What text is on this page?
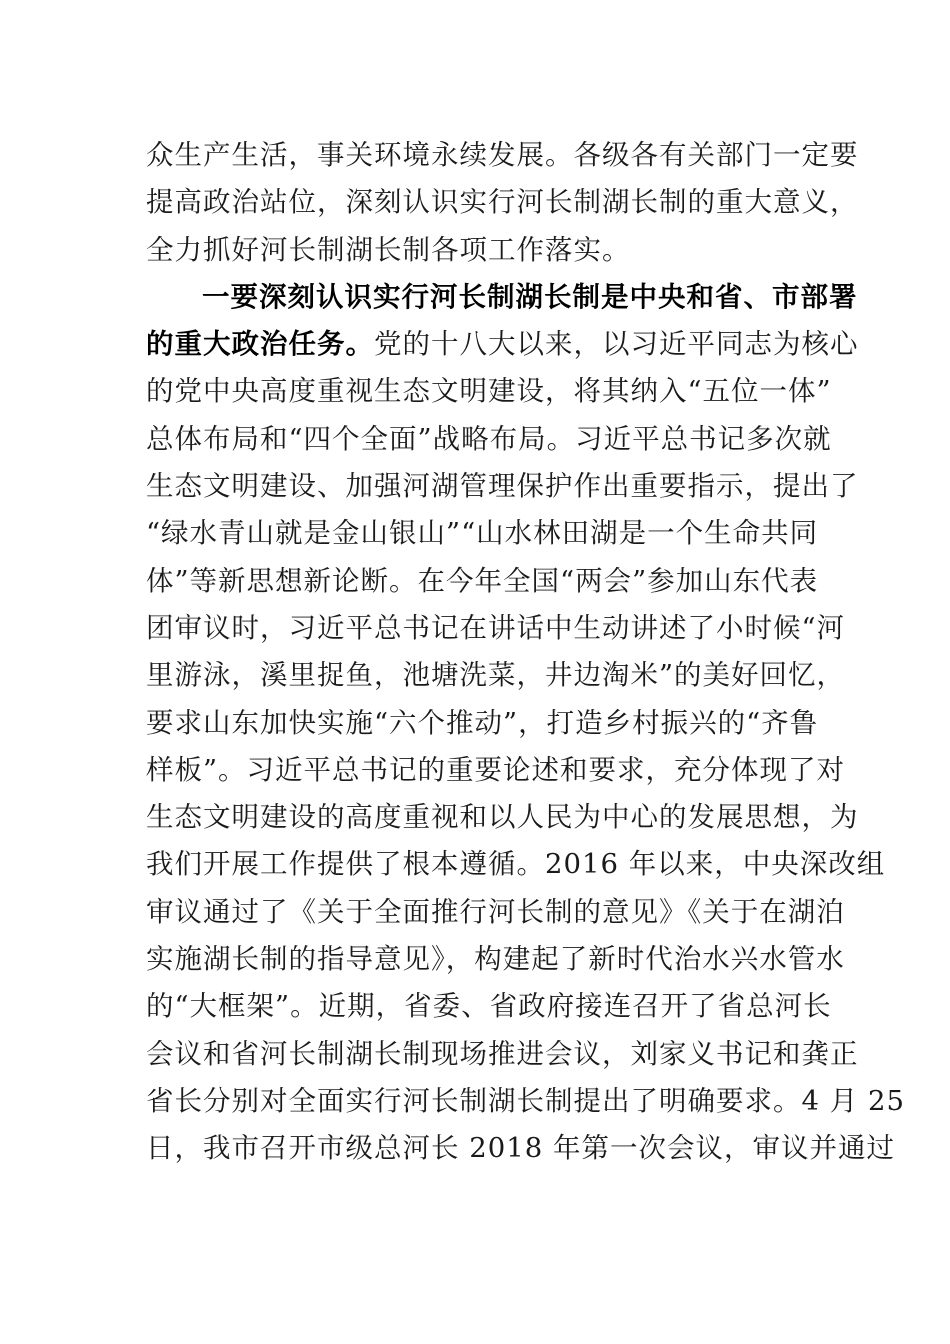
众生产生活，事关环境永续发展。各级各有关部门一定要
提高政治站位，深刻认识实行河长制湖长制的重大意义，
全力抓好河长制湖长制各项工作落实。
一要深刻认识实行河长制湖长制是中央和省、市部署
的重大政治任务。党的十八大以来，以习近平同志为核心
的党中央高度重视生态文明建设，将其纳入“五位一体”
总体布局和“四个全面”战略布局。习近平总书记多次就
生态文明建设、加强河湖管理保护作出重要指示，提出了
“绿水青山就是金山银山”“山水林田湖是一个生命共同
体”等新思想新论断。在今年全国“两会”参加山东代表
团审议时，习近平总书记在讲话中生动讲述了小时候“河
里游泳，溪里捉鱼，池塘洗菜，井边淘米”的美好回忆，
要求山东加快实施“六个推动”，打造乡村振兴的“齐鲁
样板”。习近平总书记的重要论述和要求，充分体现了对
生态文明建设的高度重视和以人民为中心的发展思想，为
我们开展工作提供了根本遵循。2016 年以来，中央深改组
审议通过了《关于全面推行河长制的意见》《关于在湖泊
实施湖长制的指导意见》，构建起了新时代治水兴水管水
的“大框架”。近期，省委、省政府接连召开了省总河长
会议和省河长制湖长制现场推进会议，刘家义书记和龚正
省长分别对全面实行河长制湖长制提出了明确要求。4 月 25
日，我市召开市级总河长 2018 年第一次会议，审议并通过
